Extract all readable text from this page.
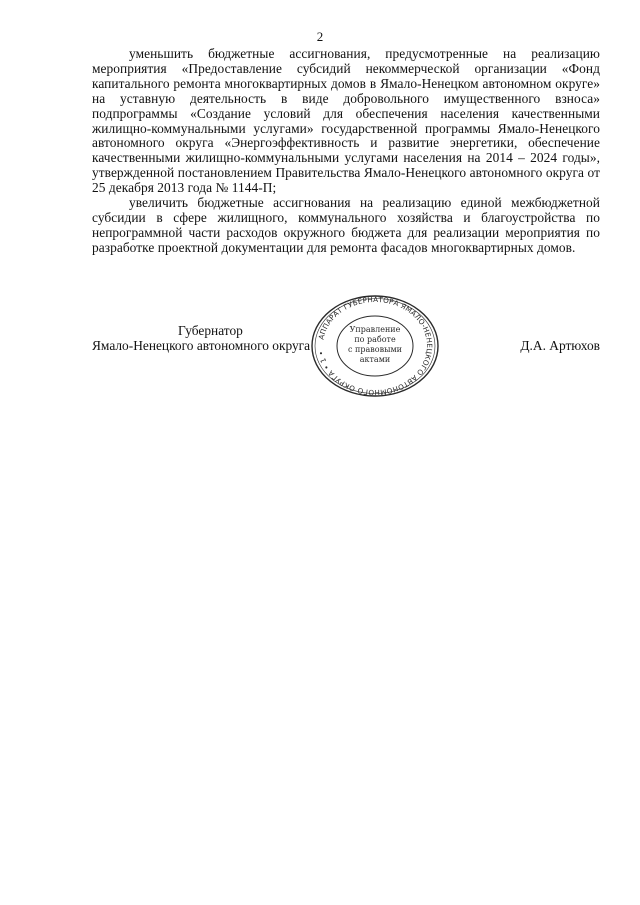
2

уменьшить бюджетные ассигнования, предусмотренные на реализацию мероприятия «Предоставление субсидий некоммерческой организации «Фонд капитального ремонта многоквартирных домов в Ямало-Ненецком автономном округе» на уставную деятельность в виде добровольного имущественного взноса» подпрограммы «Создание условий для обеспечения населения качественными жилищно-коммунальными услугами» государственной программы Ямало-Ненецкого автономного округа «Энергоэффективность и развитие энергетики, обеспечение качественными жилищно-коммунальными услугами населения на 2014 – 2024 годы», утвержденной постановлением Правительства Ямало-Ненецкого автономного округа от 25 декабря 2013 года № 1144-П;

увеличить бюджетные ассигнования на реализацию единой межбюджетной субсидии в сфере жилищного, коммунального хозяйства и благоустройства по непрограммной части расходов окружного бюджета для реализации мероприятия по разработке проектной документации для ремонта фасадов многоквартирных домов.

Губернатор
Ямало-Ненецкого автономного округа	Д.А. Артюхов
АППАРАТ ГУБЕРНАТОРА ЯМАЛО-НЕНЕЦКОГО АВТОНОМНОГО ОКРУГА • 1 •
Управление
по работе
с правовыми
актами
